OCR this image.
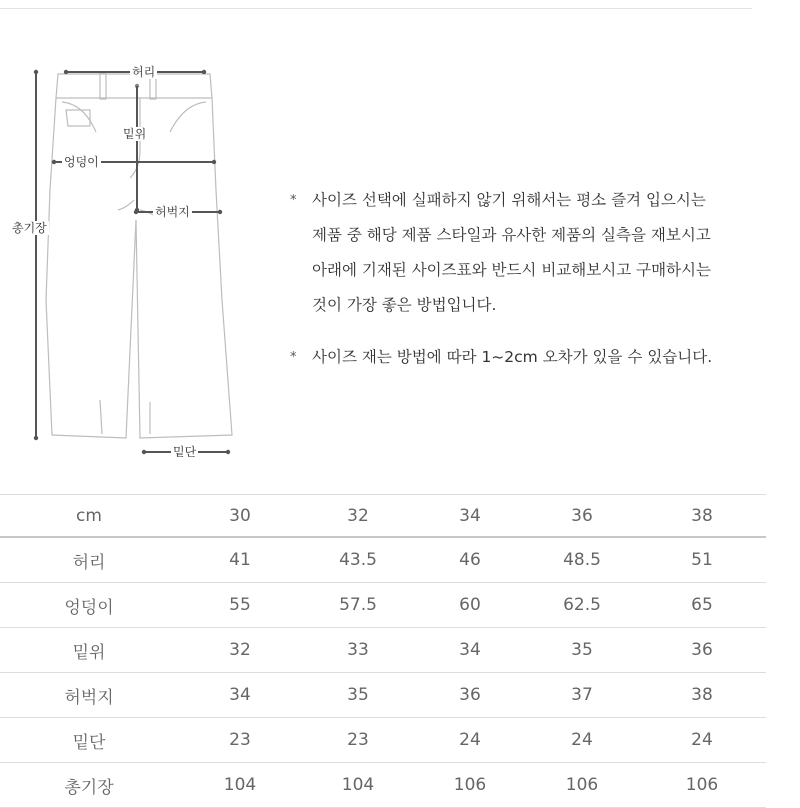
허리
밑위
엉덩이
허벅지
총기장
밑단
* 사이즈 선택에 실패하지 않기 위해서는 평소 즐겨 입으시는
제품 중 해당 제품 스타일과 유사한 제품의 실측을 재보시고
아래에 기재된 사이즈표와 반드시 비교해보시고 구매하시는
것이 가장 좋은 방법입니다.
* 사이즈 재는 방법에 따라 1~2cm 오차가 있을 수 있습니다.
cm	30	32	34	36	38
허리	41	43.5	46	48.5	51
엉덩이	55	57.5	60	62.5	65
밑위	32	33	34	35	36
허벅지	34	35	36	37	38
밑단	23	23	24	24	24
총기장	104	104	106	106	106
